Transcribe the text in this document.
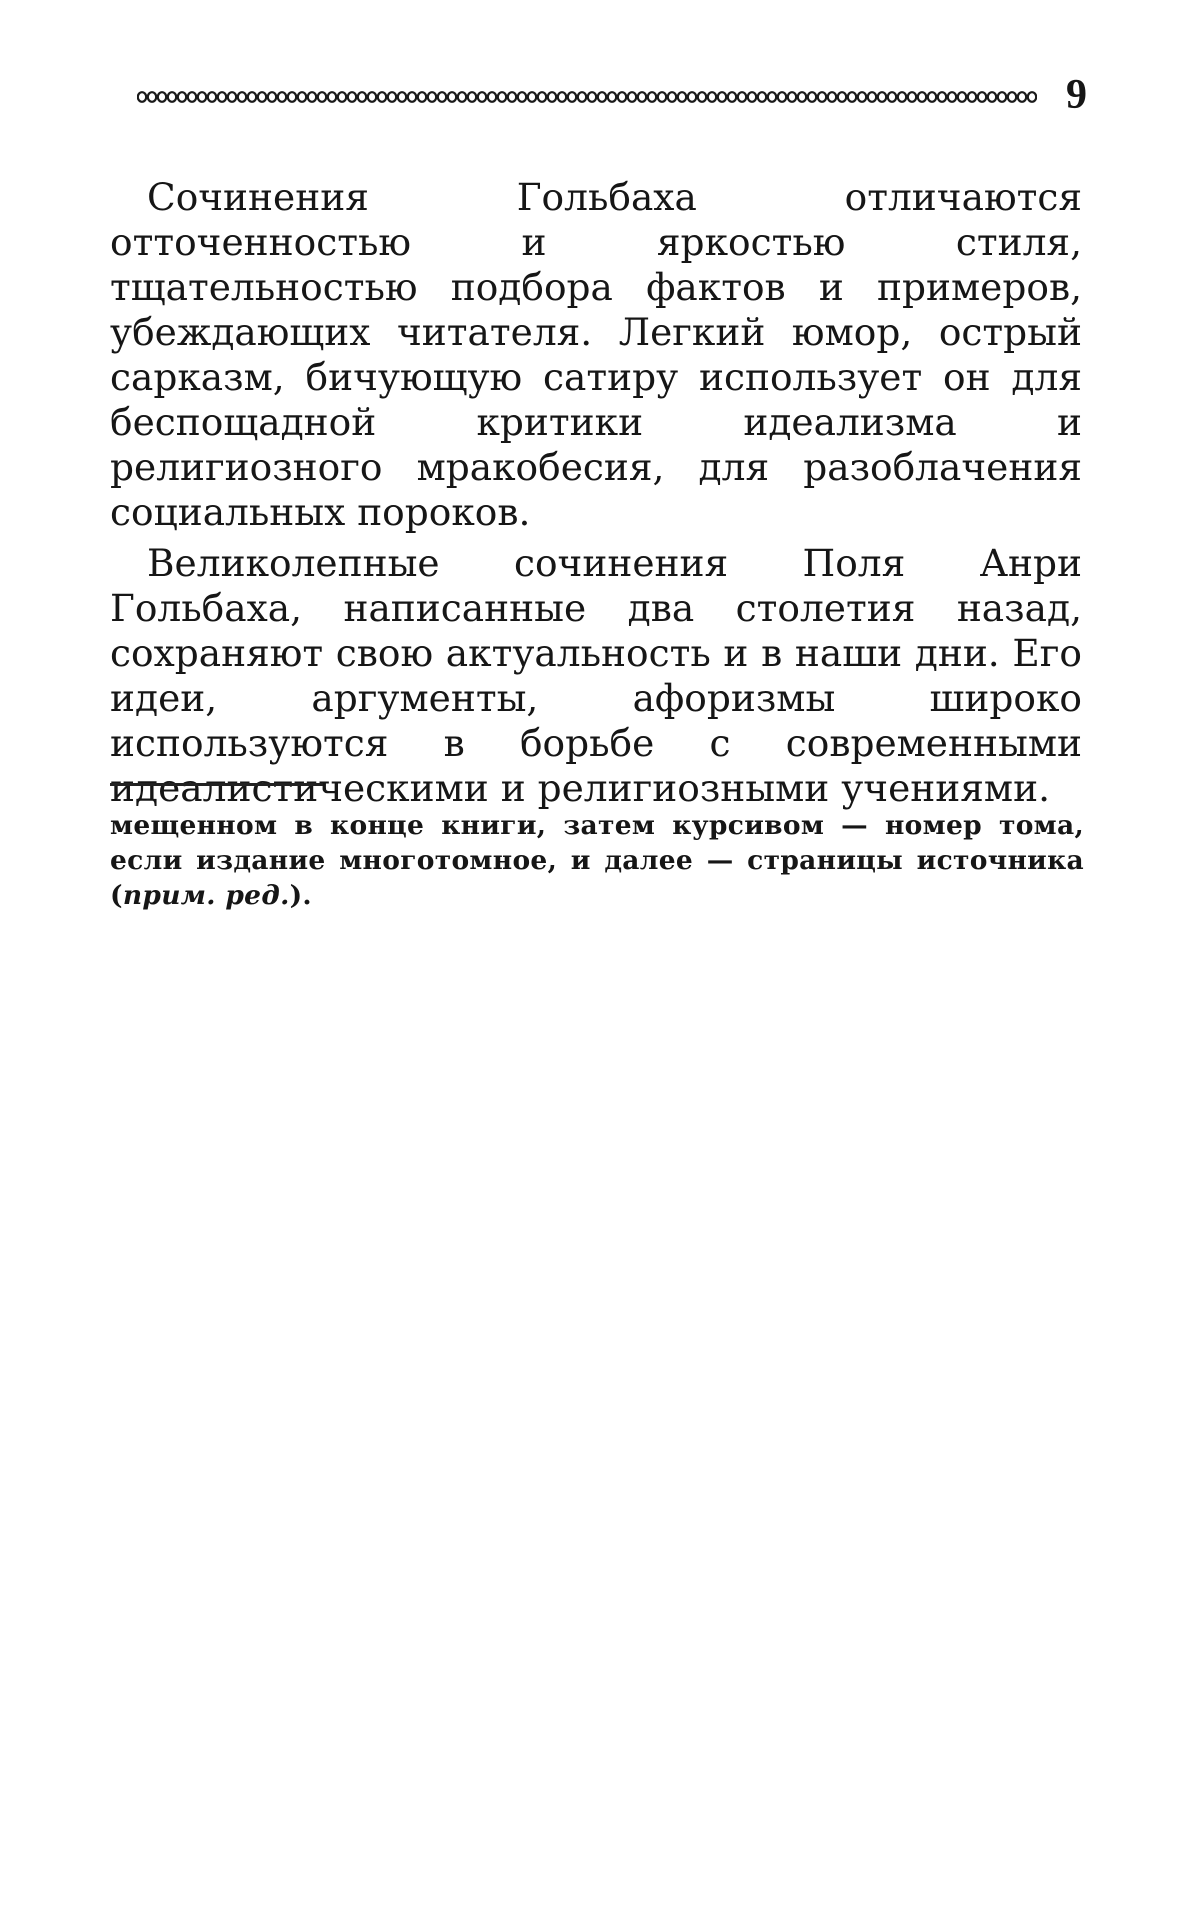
9

Сочинения Гольбаха отличаются отточенностью и яркостью стиля, тщательностью подбора фактов и примеров, убеждающих читателя. Легкий юмор, острый сарказм, бичующую сатиру использует он для беспощадной критики идеализма и религиозного мракобесия, для разоблачения социальных пороков.

Великолепные сочинения Поля Анри Гольбаха, написанные два столетия назад, сохраняют свою актуальность и в наши дни. Его идеи, аргументы, афоризмы широко используются в борьбе с современными идеалистическими и религиозными учениями.

мещенном в конце книги, затем курсивом — номер тома, если издание многотомное, и далее — страницы источника (прим. ред.).
